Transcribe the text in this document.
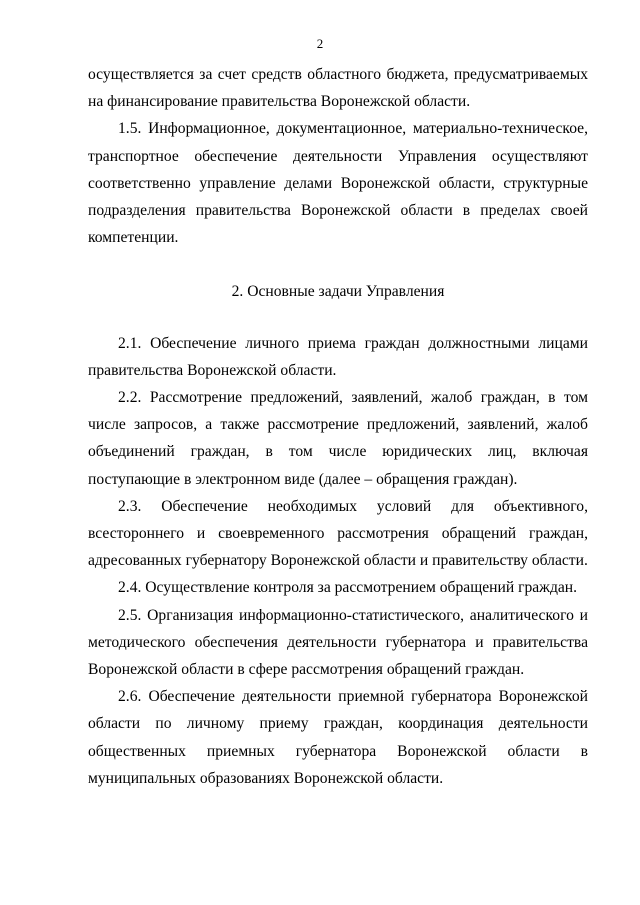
2

осуществляется за счет средств областного бюджета, предусматриваемых на финансирование правительства Воронежской области.

1.5. Информационное, документационное, материально-техническое, транспортное обеспечение деятельности Управления осуществляют соответственно управление делами Воронежской области, структурные подразделения правительства Воронежской области в пределах своей компетенции.

2. Основные задачи Управления

2.1. Обеспечение личного приема граждан должностными лицами правительства Воронежской области.

2.2. Рассмотрение предложений, заявлений, жалоб граждан, в том числе запросов, а также рассмотрение предложений, заявлений, жалоб объединений граждан, в том числе юридических лиц, включая поступающие в электронном виде (далее – обращения граждан).

2.3. Обеспечение необходимых условий для объективного, всестороннего и своевременного рассмотрения обращений граждан, адресованных губернатору Воронежской области и правительству области.

2.4. Осуществление контроля за рассмотрением обращений граждан.

2.5. Организация информационно-статистического, аналитического и методического обеспечения деятельности губернатора и правительства Воронежской области в сфере рассмотрения обращений граждан.

2.6. Обеспечение деятельности приемной губернатора Воронежской области по личному приему граждан, координация деятельности общественных приемных губернатора Воронежской области в муниципальных образованиях Воронежской области.
